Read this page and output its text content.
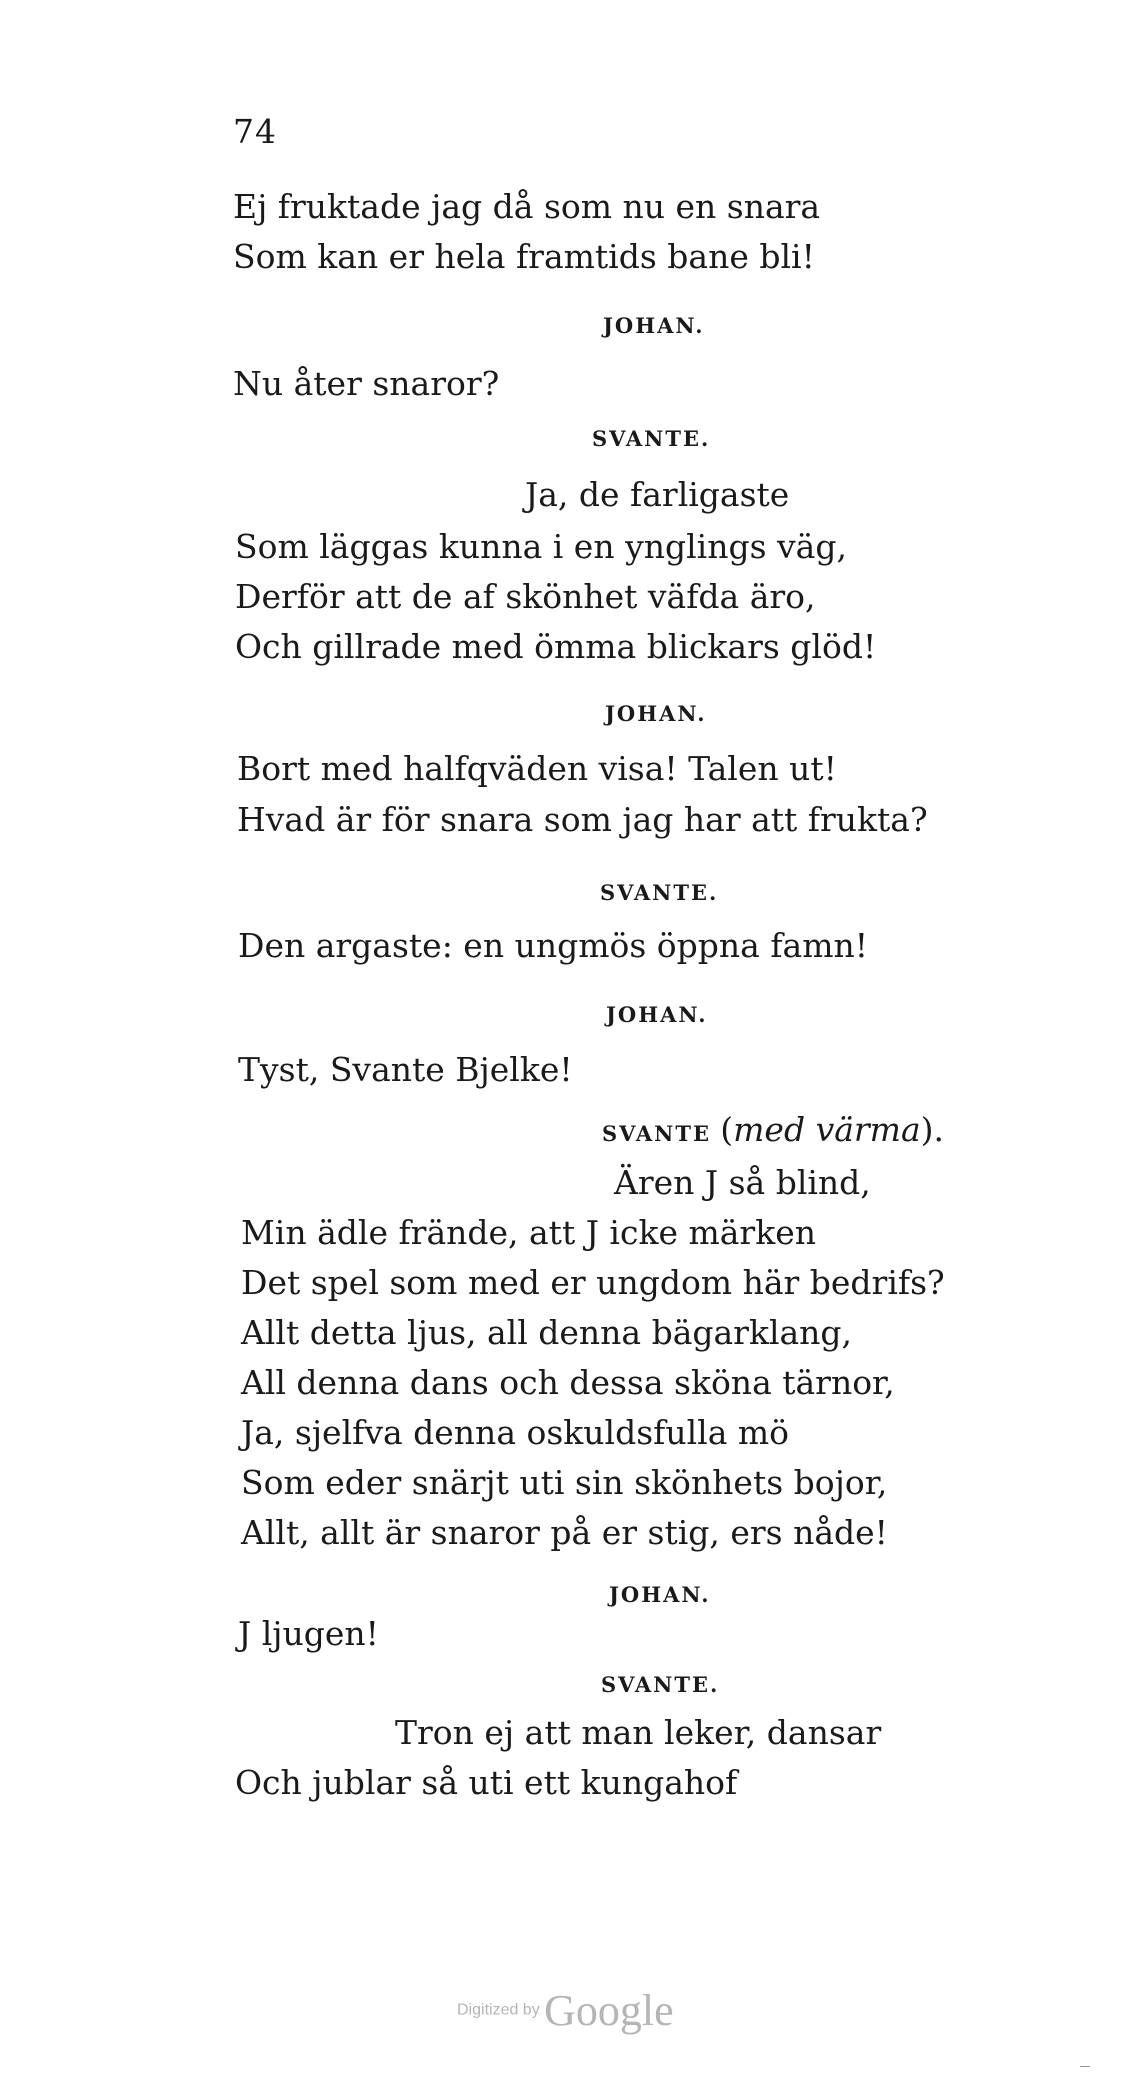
74
Ej fruktade jag då som nu en snara
Som kan er hela framtids bane bli!
JOHAN.
Nu åter snaror?
SVANTE.
Ja, de farligaste
Som läggas kunna i en ynglings väg,
Derför att de af skönhet väfda äro,
Och gillrade med ömma blickars glöd!
JOHAN.
Bort med halfqväden visa! Talen ut!
Hvad är för snara som jag har att frukta?
SVANTE.
Den argaste: en ungmös öppna famn!
JOHAN.
Tyst, Svante Bjelke!
SVANTE (med värma).
Ären J så blind,
Min ädle frände, att J icke märken
Det spel som med er ungdom här bedrifs?
Allt detta ljus, all denna bägarklang,
All denna dans och dessa sköna tärnor,
Ja, sjelfva denna oskuldsfulla mö
Som eder snärjt uti sin skönhets bojor,
Allt, allt är snaror på er stig, ers nåde!
JOHAN.
J ljugen!
SVANTE.
Tron ej att man leker, dansar
Och jublar så uti ett kungahof
Digitized by Google
